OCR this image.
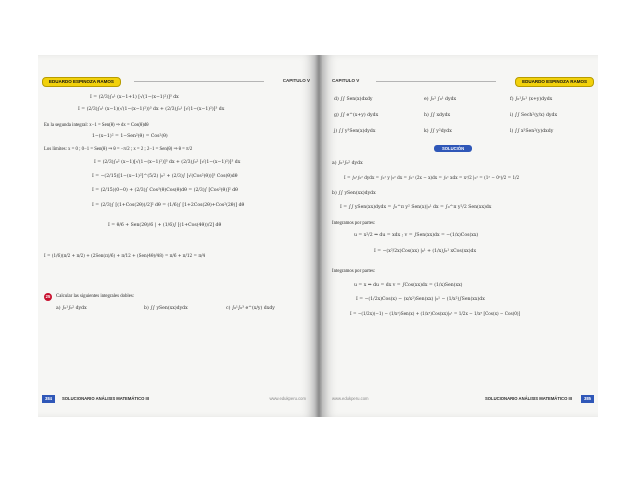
EDUARDO ESPINOZA RAMOS	CAPITULO V
I = (2/3)∫₀¹ (x−1+1) [√(1−(x−1)²)]³ dx
I = (2/3)∫₀¹ (x−1)(√(1−(x−1)²))³ dx + (2/3)∫₀¹ [√(1−(x−1)²)]³ dx
En la segunda integral: x−1 = Sen(θ) ⇒ dx = Cos(θ)dθ
1−(x−1)² = 1−Sen²(θ) = Cos²(θ)
Los límites: x = 0 ; 0−1 = Sen(θ) ⇒ θ = −π/2 ; x = 2 ; 2−1 = Sen(θ) ⇒ θ = π/2
I = (2/3)∫₀² (x−1)[√(1−(x−1)²)]³ dx + (2/3)∫₀² [√(1−(x−1)²)]³ dx
I = −(2/15)[1−(x−1)²]^(5/2) |₀² + (2/3)∫ [√(Cos²(θ))]³ Cos(θ)dθ
I = (2/15)(0−0) + (2/3)∫ Cos³(θ)Cos(θ)dθ = (2/3)∫ [Cos²(θ)]² dθ
I = (2/3)∫ [(1+Cos(2θ))/2]² dθ = (1/6)∫ [1+2Cos(2θ)+Cos²(2θ)] dθ
I = θ/6 + Sen(2θ)/6 | + (1/6)∫ [(1+Cos(4θ))/2] dθ
I = (1/6)(π/2 + π/2) + (2Sen(π)/6) + π/12 + (Sen(4θ)/48) = π/6 + π/12 = π/4
25	Calcular las siguientes integrales dobles:
a) ∫₀¹∫₀² dydx	b) ∫∫ ySen(xx)dydx	c) ∫₀¹∫₀³ e^(x/y) dxdy
384	SOLUCIONARIO ANÁLISIS MATEMÁTICO III	www.edukperu.com
CAPITULO V	EDUARDO ESPINOZA RAMOS
d) ∫∫ Sen(x)dxdy	e) ∫₀² ∫₀¹ dydx	f) ∫₀¹∫₀¹ (x+y)dydx
g) ∫∫ e^(x+y) dydx	h) ∫∫ xdydx	i) ∫∫ Sech²(y/x) dydx
j) ∫∫ y³Sen(x)dydx	k) ∫∫ y²dydx	l) ∫∫ x²Sen²(y)dxdy
SOLUCIÓN
a) ∫₀¹∫₀² dydx
I = ∫₀¹∫₀² dydx = ∫₀¹ y |₀² dx = ∫₀¹ (2x − x)dx = ∫₀¹ xdx = x²/2 |₀¹ = (1² − 0²)/2 = 1/2
b) ∫∫ ySen(xx)dydx
I = ∫∫ ySen(xx)dydx = ∫₀^π y² Sen(x)|₀¹ dx = ∫₀^π y²/2 Sen(xx)dx
Integramos por partes:
u = x²/2 ⇒ du = xdx ; v = ∫Sen(xx)dx = −(1/x)Cos(xx)
I = −(x²/2x)Cos(xx) |₀¹ + (1/x)∫₀¹ xCos(xx)dx
Integramos por partes:
u = x ⇒ du = dx v = ∫Cos(xx)dx = (1/x)Sen(xx)
I = −(1/2x)Cos(x) − (x/x²)Sen(xx) |₀¹ − (1/x²)∫Sen(xx)dx
I = −(1/2x)(−1) − (1/x²)Sen(x) + (1/x³)Cos(xx)|₀¹ = 1/2x − 1/x³ [Cos(x) − Cos(0)]
www.edukperu.com	SOLUCIONARIO ANÁLISIS MATEMÁTICO III	385
